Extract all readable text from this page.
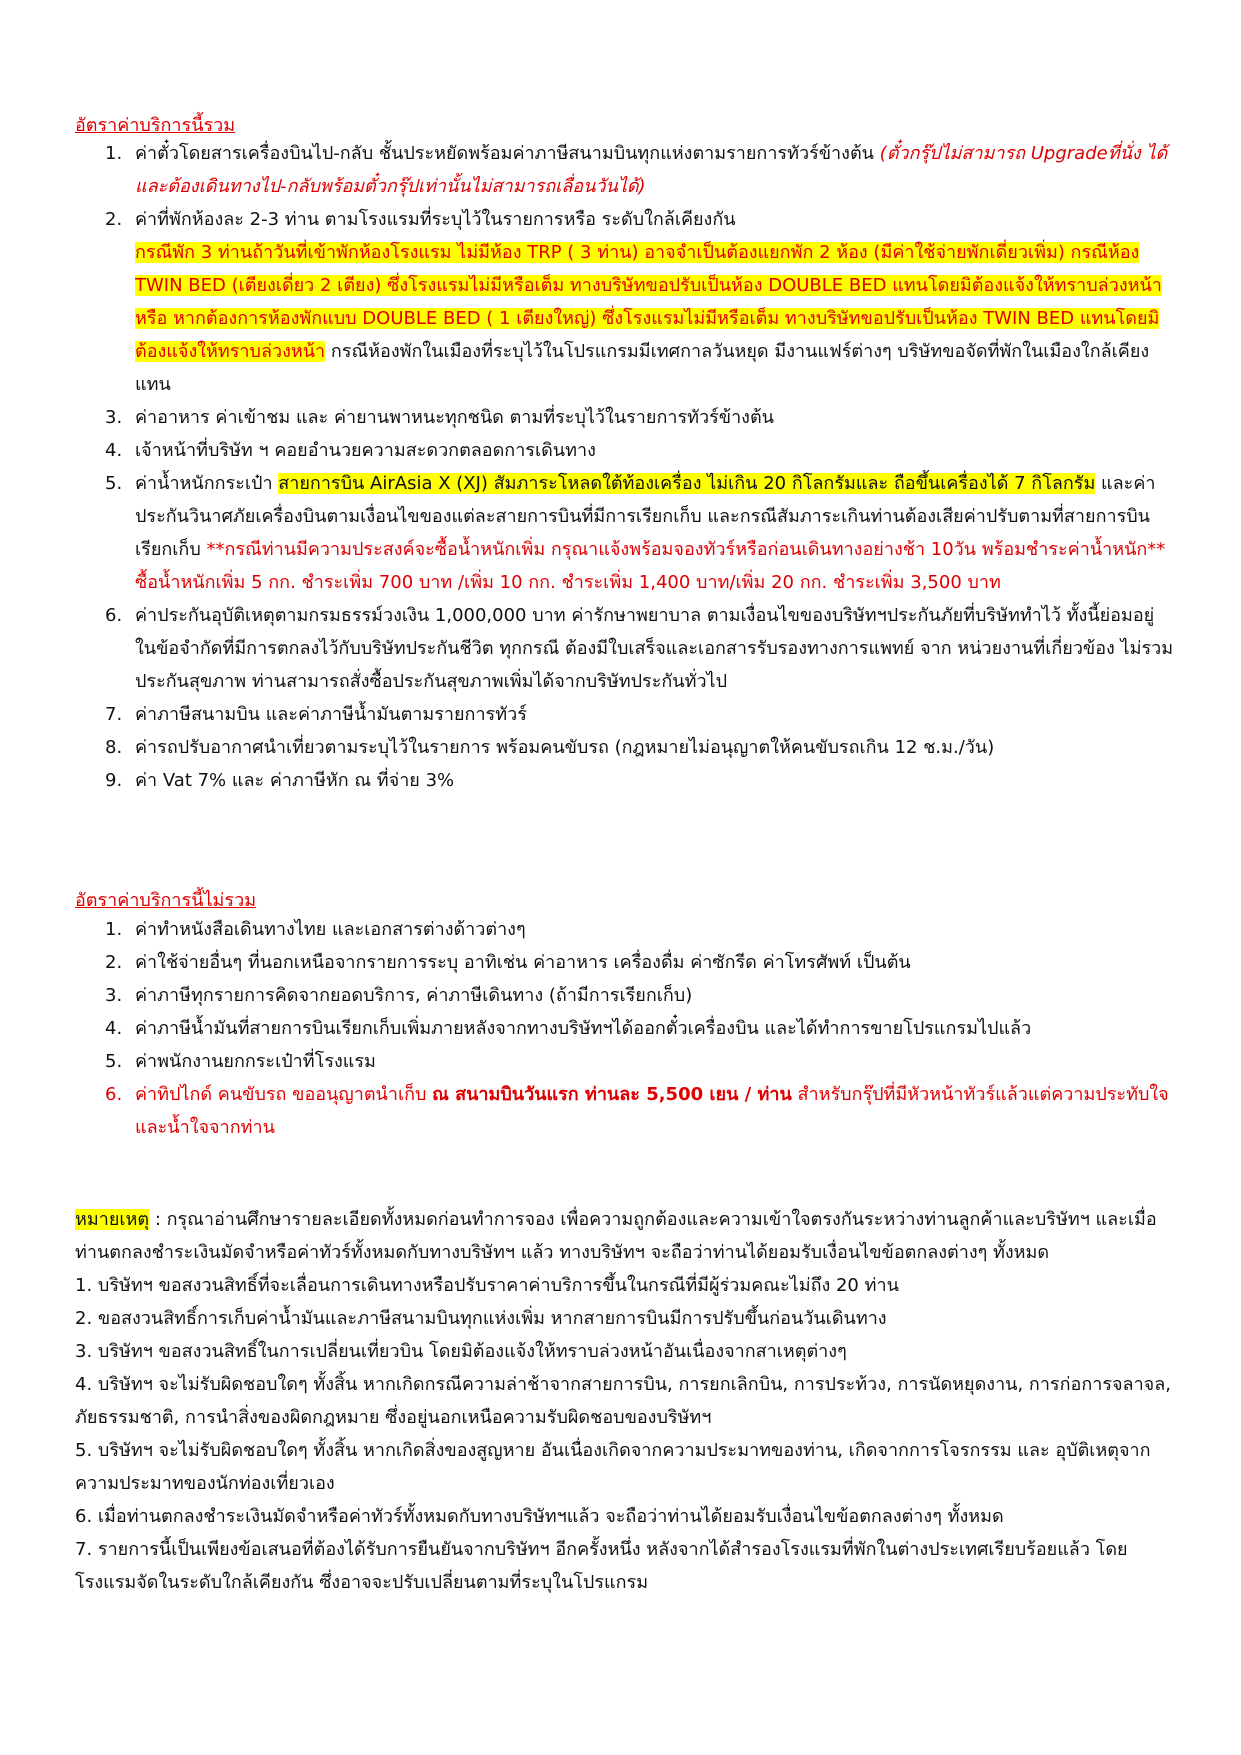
อัตราค่าบริการนี้รวม
1. ค่าตั๋วโดยสารเครื่องบินไป-กลับ ชั้นประหยัดพร้อมค่าภาษีสนามบินทุกแห่งตามรายการทัวร์ข้างต้น (ตั๋วกรุ๊ปไม่สามารถ Upgradeที่นั่ง ได้ และต้องเดินทางไป-กลับพร้อมตั๋วกรุ๊ปเท่านั้นไม่สามารถเลื่อนวันได้)
2. ค่าที่พักห้องละ 2-3 ท่าน ตามโรงแรมที่ระบุไว้ในรายการหรือ ระดับใกล้เคียงกัน
กรณีพัก 3 ท่านถ้าวันที่เข้าพักห้องโรงแรม ไม่มีห้อง TRP ( 3 ท่าน) อาจจำเป็นต้องแยกพัก 2 ห้อง (มีค่าใช้จ่ายพักเดี่ยวเพิ่ม) กรณีห้อง TWIN BED (เตียงเดี่ยว 2 เตียง) ซึ่งโรงแรมไม่มีหรือเต็ม ทางบริษัทขอปรับเป็นห้อง DOUBLE BED แทนโดยมิต้องแจ้งให้ทราบล่วงหน้า หรือ หากต้องการห้องพักแบบ DOUBLE BED ( 1 เตียงใหญ่) ซึ่งโรงแรมไม่มีหรือเต็ม ทางบริษัทขอปรับเป็นห้อง TWIN BED แทนโดยมิต้องแจ้งให้ทราบล่วงหน้า กรณีห้องพักในเมืองที่ระบุไว้ในโปรแกรมมีเทศกาลวันหยุด มีงานแฟร์ต่างๆ บริษัทขอจัดที่พักในเมืองใกล้เคียงแทน
3. ค่าอาหาร ค่าเข้าชม และ ค่ายานพาหนะทุกชนิด ตามที่ระบุไว้ในรายการทัวร์ข้างต้น
4. เจ้าหน้าที่บริษัท ฯ คอยอำนวยความสะดวกตลอดการเดินทาง
5. ค่าน้ำหนักกระเป๋า สายการบิน AirAsia X (XJ) สัมภาระโหลดใต้ท้องเครื่อง ไม่เกิน 20 กิโลกรัมและ ถือขึ้นเครื่องได้ 7 กิโลกรัม และค่าประกันวินาศภัยเครื่องบินตามเงื่อนไขของแต่ละสายการบินที่มีการเรียกเก็บ และกรณีสัมภาระเกินท่านต้องเสียค่าปรับตามที่สายการบินเรียกเก็บ **กรณีท่านมีความประสงค์จะซื้อน้ำหนักเพิ่ม กรุณาแจ้งพร้อมจองทัวร์หรือก่อนเดินทางอย่างช้า 10วัน พร้อมชำระค่าน้ำหนัก**
ซื้อน้ำหนักเพิ่ม 5 กก. ชำระเพิ่ม 700 บาท /เพิ่ม 10 กก. ชำระเพิ่ม 1,400 บาท/เพิ่ม 20 กก. ชำระเพิ่ม 3,500 บาท
6. ค่าประกันอุบัติเหตุตามกรมธรรม์วงเงิน 1,000,000 บาท ค่ารักษาพยาบาล ตามเงื่อนไขของบริษัทฯประกันภัยที่บริษัททำไว้ ทั้งนี้ย่อมอยู่ในข้อจำกัดที่มีการตกลงไว้กับบริษัทประกันชีวิต ทุกกรณี ต้องมีใบเสร็จและเอกสารรับรองทางการแพทย์ จาก หน่วยงานที่เกี่ยวข้อง ไม่รวมประกันสุขภาพ ท่านสามารถสั่งซื้อประกันสุขภาพเพิ่มได้จากบริษัทประกันทั่วไป
7. ค่าภาษีสนามบิน และค่าภาษีน้ำมันตามรายการทัวร์
8. ค่ารถปรับอากาศนำเที่ยวตามระบุไว้ในรายการ พร้อมคนขับรถ (กฎหมายไม่อนุญาตให้คนขับรถเกิน 12 ช.ม./วัน)
9. ค่า Vat 7% และ ค่าภาษีหัก ณ ที่จ่าย 3%
อัตราค่าบริการนี้ไม่รวม
1. ค่าทำหนังสือเดินทางไทย และเอกสารต่างด้าวต่างๆ
2. ค่าใช้จ่ายอื่นๆ ที่นอกเหนือจากรายการระบุ อาทิเช่น ค่าอาหาร เครื่องดื่ม ค่าซักรีด ค่าโทรศัพท์ เป็นต้น
3. ค่าภาษีทุกรายการคิดจากยอดบริการ, ค่าภาษีเดินทาง (ถ้ามีการเรียกเก็บ)
4. ค่าภาษีน้ำมันที่สายการบินเรียกเก็บเพิ่มภายหลังจากทางบริษัทฯได้ออกตั๋วเครื่องบิน และได้ทำการขายโปรแกรมไปแล้ว
5. ค่าพนักงานยกกระเป๋าที่โรงแรม
6. ค่าทิปไกด์ คนขับรถ ขออนุญาตนำเก็บ ณ สนามบินวันแรก ท่านละ 5,500 เยน / ท่าน สำหรับกรุ๊ปที่มีหัวหน้าทัวร์แล้วแต่ความประทับใจและน้ำใจจากท่าน

หมายเหตุ : กรุณาอ่านศึกษารายละเอียดทั้งหมดก่อนทำการจอง เพื่อความถูกต้องและความเข้าใจตรงกันระหว่างท่านลูกค้าและบริษัทฯ และเมื่อท่านตกลงชำระเงินมัดจำหรือค่าทัวร์ทั้งหมดกับทางบริษัทฯ แล้ว ทางบริษัทฯ จะถือว่าท่านได้ยอมรับเงื่อนไขข้อตกลงต่างๆ ทั้งหมด

1. บริษัทฯ ขอสงวนสิทธิ์ที่จะเลื่อนการเดินทางหรือปรับราคาค่าบริการขึ้นในกรณีที่มีผู้ร่วมคณะไม่ถึง 20 ท่าน

2. ขอสงวนสิทธิ์การเก็บค่าน้ำมันและภาษีสนามบินทุกแห่งเพิ่ม หากสายการบินมีการปรับขึ้นก่อนวันเดินทาง

3. บริษัทฯ ขอสงวนสิทธิ์ในการเปลี่ยนเที่ยวบิน โดยมิต้องแจ้งให้ทราบล่วงหน้าอันเนื่องจากสาเหตุต่างๆ

4. บริษัทฯ จะไม่รับผิดชอบใดๆ ทั้งสิ้น หากเกิดกรณีความล่าช้าจากสายการบิน, การยกเลิกบิน, การประท้วง, การนัดหยุดงาน, การก่อการจลาจล, ภัยธรรมชาติ, การนำสิ่งของผิดกฎหมาย ซึ่งอยู่นอกเหนือความรับผิดชอบของบริษัทฯ

5. บริษัทฯ จะไม่รับผิดชอบใดๆ ทั้งสิ้น หากเกิดสิ่งของสูญหาย อันเนื่องเกิดจากความประมาทของท่าน, เกิดจากการโจรกรรม และ อุบัติเหตุจากความประมาทของนักท่องเที่ยวเอง

6. เมื่อท่านตกลงชำระเงินมัดจำหรือค่าทัวร์ทั้งหมดกับทางบริษัทฯแล้ว จะถือว่าท่านได้ยอมรับเงื่อนไขข้อตกลงต่างๆ ทั้งหมด

7. รายการนี้เป็นเพียงข้อเสนอที่ต้องได้รับการยืนยันจากบริษัทฯ อีกครั้งหนึ่ง หลังจากได้สำรองโรงแรมที่พักในต่างประเทศเรียบร้อยแล้ว โดยโรงแรมจัดในระดับใกล้เคียงกัน ซึ่งอาจจะปรับเปลี่ยนตามที่ระบุในโปรแกรม
